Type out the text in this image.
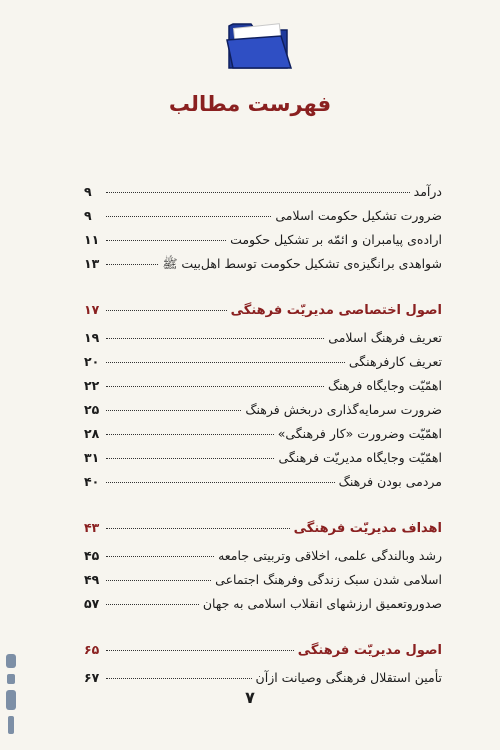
فهرست مطالب
درآمد
۹
ضرورت تشکیل حکومت اسلامی
۹
اراده‌ی پیامبران و ائمّه بر تشکیل حکومت
۱۱
شواهدی برانگیزه‌ی تشکیل حکومت توسط اهل‌بیت ﷺ
۱۳
اصول اختصاصی مدیریّت فرهنگی
۱۷
تعریف فرهنگ اسلامی
۱۹
تعریف کارفرهنگی
۲۰
اهمّیّت وجایگاه فرهنگ
۲۲
ضرورت سرمایه‌گذاری دربخش فرهنگ
۲۵
اهمّیّت وضرورت «کار فرهنگی»
۲۸
اهمّیّت وجایگاه مدیریّت فرهنگی
۳۱
مردمی بودن فرهنگ
۴۰
اهداف مدیریّت فرهنگی
۴۳
رشد وبالندگی علمی، اخلاقی وتربیتی جامعه
۴۵
اسلامی شدن سبک زندگی وفرهنگ اجتماعی
۴۹
صدوروتعمیق ارزشهای انقلاب اسلامی به جهان
۵۷
اصول مدیریّت فرهنگی
۶۵
تأمین استقلال فرهنگی وصیانت ازآن
۶۷
۷
